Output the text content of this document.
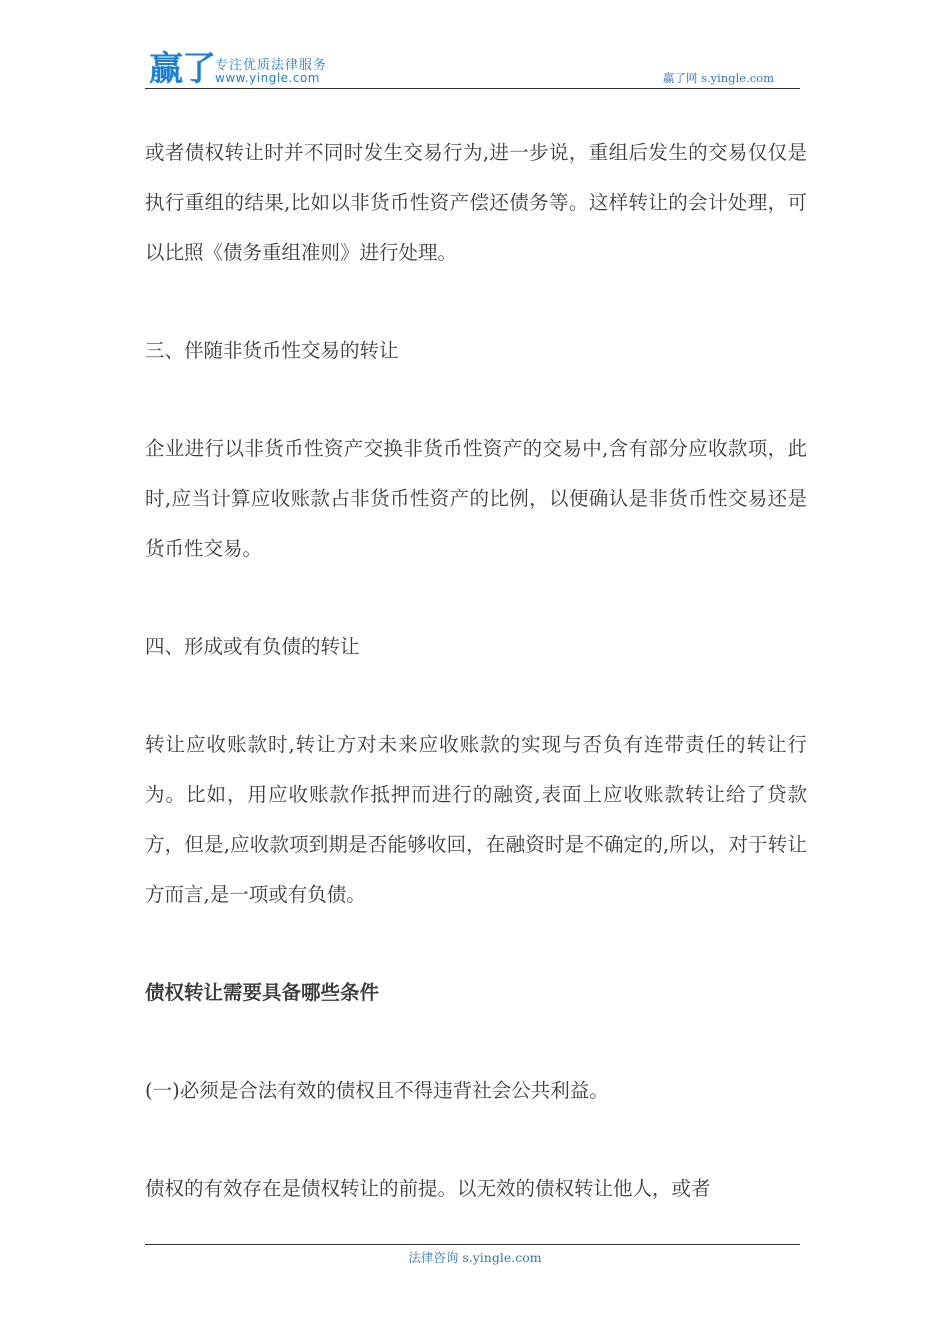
赢了 专注优质法律服务
www.yingle.com	赢了网 s.yingle.com

或者债权转让时并不同时发生交易行为,进一步说，重组后发生的交易仅仅是执行重组的结果,比如以非货币性资产偿还债务等。这样转让的会计处理，可以比照《债务重组准则》进行处理。

三、伴随非货币性交易的转让

企业进行以非货币性资产交换非货币性资产的交易中,含有部分应收款项，此时,应当计算应收账款占非货币性资产的比例，以便确认是非货币性交易还是货币性交易。

四、形成或有负债的转让

转让应收账款时,转让方对未来应收账款的实现与否负有连带责任的转让行为。比如，用应收账款作抵押而进行的融资,表面上应收账款转让给了贷款方，但是,应收款项到期是否能够收回，在融资时是不确定的,所以，对于转让方而言,是一项或有负债。

债权转让需要具备哪些条件

(一)必须是合法有效的债权且不得违背社会公共利益。

债权的有效存在是债权转让的前提。以无效的债权转让他人，或者

法律咨询 s.yingle.com
